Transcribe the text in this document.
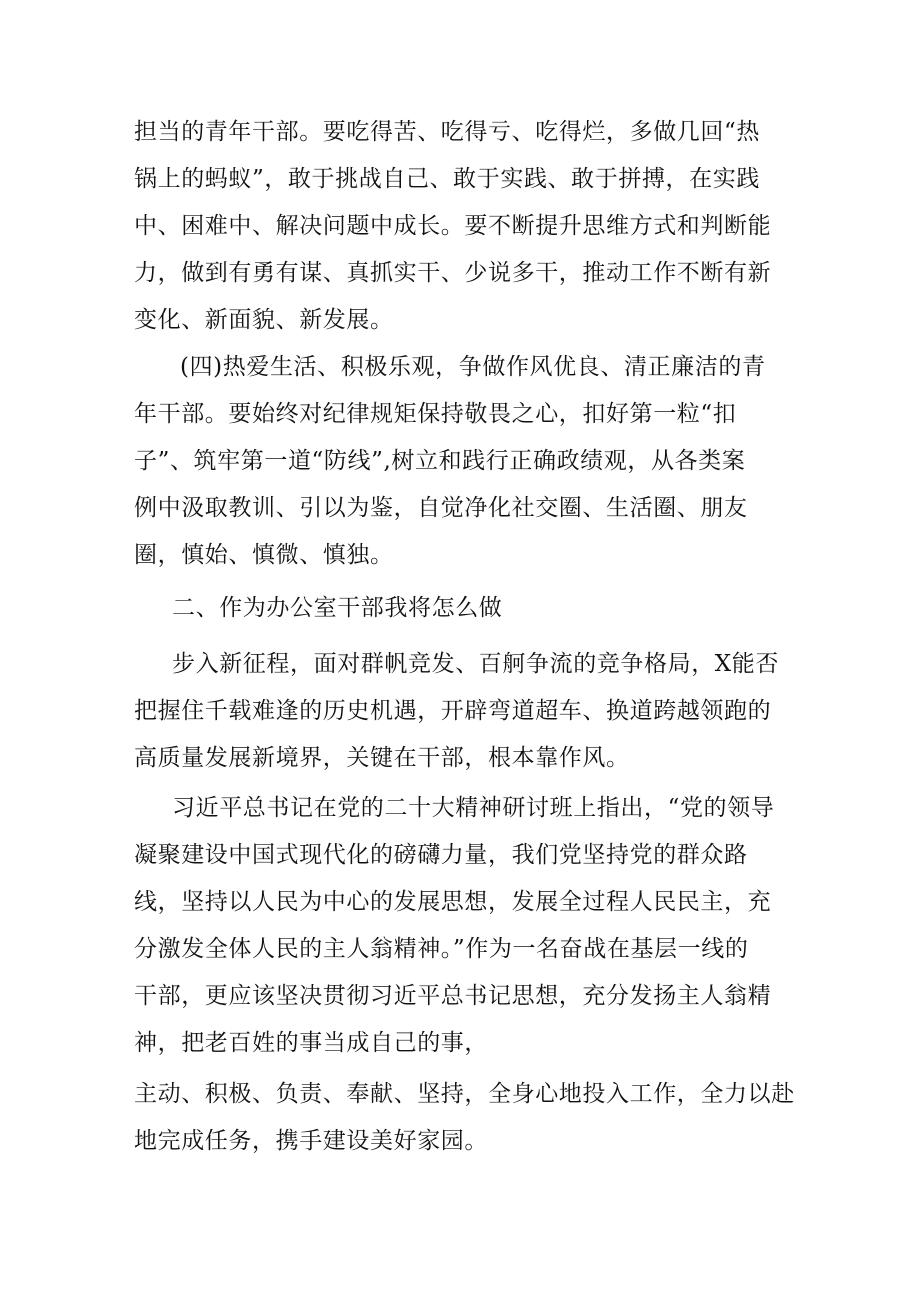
担当的青年干部。要吃得苦、吃得亏、吃得烂，多做几回“热
锅上的蚂蚁”，敢于挑战自己、敢于实践、敢于拼搏，在实践
中、困难中、解决问题中成长。要不断提升思维方式和判断能
力，做到有勇有谋、真抓实干、少说多干，推动工作不断有新
变化、新面貌、新发展。
(四)热爱生活、积极乐观，争做作风优良、清正廉洁的青
年干部。要始终对纪律规矩保持敬畏之心，扣好第一粒“扣
子”、筑牢第一道“防线”,树立和践行正确政绩观，从各类案
例中汲取教训、引以为鉴，自觉净化社交圈、生活圈、朋友
圈，慎始、慎微、慎独。
二、作为办公室干部我将怎么做
步入新征程，面对群帆竞发、百舸争流的竞争格局，X能否
把握住千载难逢的历史机遇，开辟弯道超车、换道跨越领跑的
高质量发展新境界，关键在干部，根本靠作风。
习近平总书记在党的二十大精神研讨班上指出，“党的领导
凝聚建设中国式现代化的磅礴力量，我们党坚持党的群众路
线，坚持以人民为中心的发展思想，发展全过程人民民主，充
分激发全体人民的主人翁精神。”作为一名奋战在基层一线的
干部，更应该坚决贯彻习近平总书记思想，充分发扬主人翁精
神，把老百姓的事当成自己的事，
主动、积极、负责、奉献、坚持，全身心地投入工作，全力以赴
地完成任务，携手建设美好家园。
